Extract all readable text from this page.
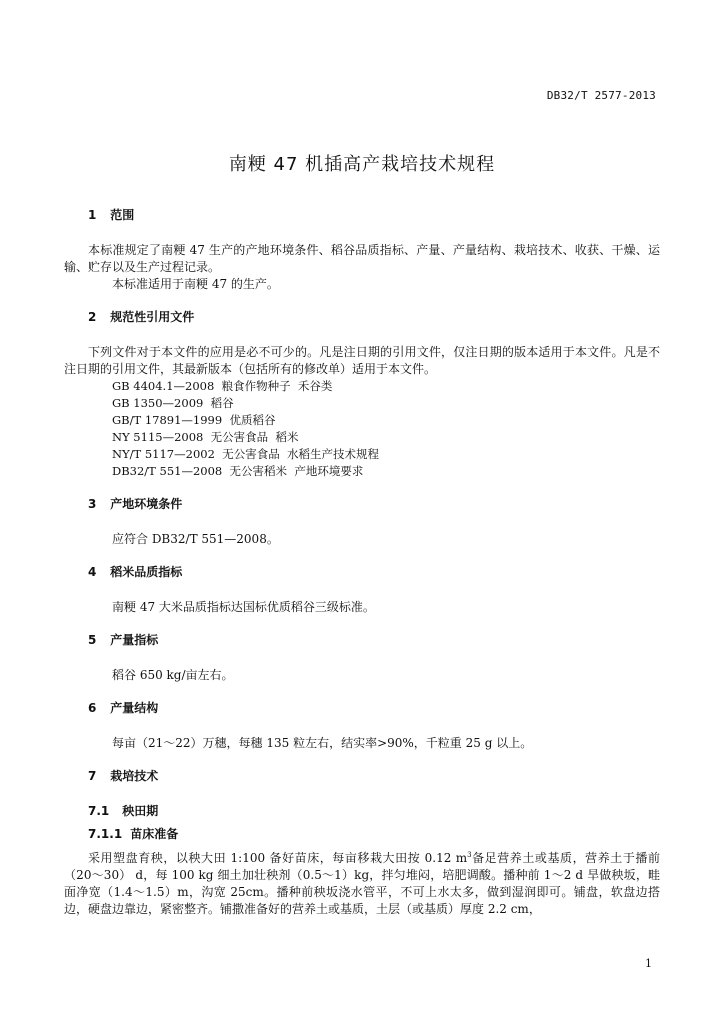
DB32/T 2577-2013
南粳 47 机插高产栽培技术规程
1 范围

本标准规定了南粳 47 生产的产地环境条件、稻谷品质指标、产量、产量结构、栽培技术、收获、干燥、运输、贮存以及生产过程记录。

本标准适用于南粳 47 的生产。

2 规范性引用文件

下列文件对于本文件的应用是必不可少的。凡是注日期的引用文件，仅注日期的版本适用于本文件。凡是不注日期的引用文件，其最新版本（包括所有的修改单）适用于本文件。

GB 4404.1—2008  粮食作物种子  禾谷类
GB 1350—2009  稻谷
GB/T 17891—1999  优质稻谷
NY 5115—2008  无公害食品  稻米
NY/T 5117—2002  无公害食品  水稻生产技术规程
DB32/T 551—2008  无公害稻米  产地环境要求
3 产地环境条件

应符合 DB32/T 551—2008。

4 稻米品质指标

南粳 47 大米品质指标达国标优质稻谷三级标准。

5 产量指标

稻谷 650 kg/亩左右。

6 产量结构

每亩（21～22）万穗，每穗 135 粒左右，结实率>90%，千粒重 25 g 以上。

7 栽培技术
7.1 秧田期
7.1.1 苗床准备

采用塑盘育秧，以秧大田 1:100 备好苗床，每亩移栽大田按 0.12 $m^3$备足营养土或基质，营养土于播前（20～30） d，每 100 kg 细土加壮秧剂（0.5～1）kg，拌匀堆闷，培肥调酸。播种前 1～2 d 旱做秧坂，畦面净宽（1.4～1.5）m，沟宽 25cm。播种前秧坂浇水管平，不可上水太多，做到湿润即可。铺盘，软盘边搭边，硬盘边靠边，紧密整齐。铺撒准备好的营养土或基质，土层（或基质）厚度 2.2 cm，

1
